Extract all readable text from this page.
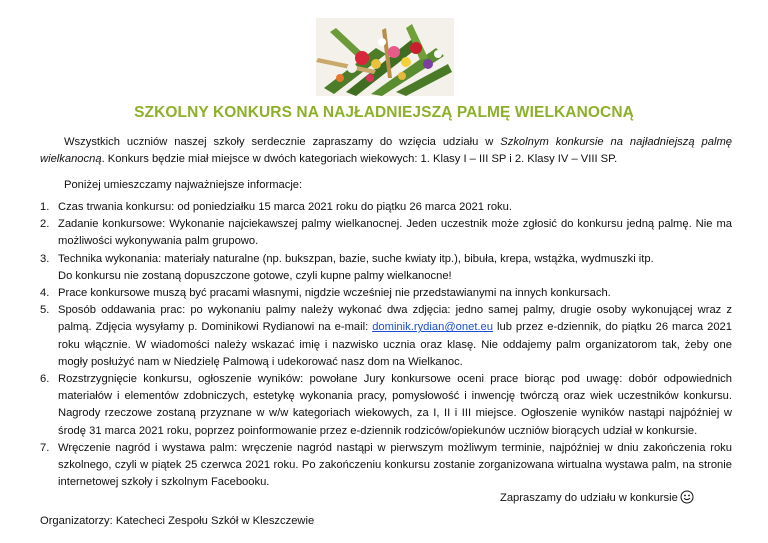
SZKOLNY KONKURS NA NAJŁADNIEJSZĄ PALMĘ WIELKANOCNĄ

Wszystkich uczniów naszej szkoły serdecznie zapraszamy do wzięcia udziału w Szkolnym konkursie na najładniejszą palmę wielkanocną. Konkurs będzie miał miejsce w dwóch kategoriach wiekowych: 1. Klasy I – III SP i 2. Klasy IV – VIII SP.

Poniżej umieszczamy najważniejsze informacje:

1. Czas trwania konkursu: od poniedziałku 15 marca 2021 roku do piątku 26 marca 2021 roku.
2. Zadanie konkursowe: Wykonanie najciekawszej palmy wielkanocnej. Jeden uczestnik może zgłosić do konkursu jedną palmę. Nie ma możliwości wykonywania palm grupowo.
3. Technika wykonania: materiały naturalne (np. bukszpan, bazie, suche kwiaty itp.), bibuła, krepa, wstążka, wydmuszki itp.
Do konkursu nie zostaną dopuszczone gotowe, czyli kupne palmy wielkanocne!
4. Prace konkursowe muszą być pracami własnymi, nigdzie wcześniej nie przedstawianymi na innych konkursach.
5. Sposób oddawania prac: po wykonaniu palmy należy wykonać dwa zdjęcia: jedno samej palmy, drugie osoby wykonującej wraz z palmą. Zdjęcia wysyłamy p. Dominikowi Rydianowi na e-mail: dominik.rydian@onet.eu lub przez e-dziennik, do piątku 26 marca 2021 roku włącznie. W wiadomości należy wskazać imię i nazwisko ucznia oraz klasę. Nie oddajemy palm organizatorom tak, żeby one mogły posłużyć nam w Niedzielę Palmową i udekorować nasz dom na Wielkanoc.
6. Rozstrzygnięcie konkursu, ogłoszenie wyników: powołane Jury konkursowe oceni prace biorąc pod uwagę: dobór odpowiednich materiałów i elementów zdobniczych, estetykę wykonania pracy, pomysłowość i inwencję twórczą oraz wiek uczestników konkursu. Nagrody rzeczowe zostaną przyznane w w/w kategoriach wiekowych, za I, II i III miejsce. Ogłoszenie wyników nastąpi najpóźniej w środę 31 marca 2021 roku, poprzez poinformowanie przez e-dziennik rodziców/opiekunów uczniów biorących udział w konkursie.
7. Wręczenie nagród i wystawa palm: wręczenie nagród nastąpi w pierwszym możliwym terminie, najpóźniej w dniu zakończenia roku szkolnego, czyli w piątek 25 czerwca 2021 roku. Po zakończeniu konkursu zostanie zorganizowana wirtualna wystawa palm, na stronie internetowej szkoły i szkolnym Facebooku.
Zapraszamy do udziału w konkursie
Organizatorzy: Katecheci Zespołu Szkół w Kleszczewie
